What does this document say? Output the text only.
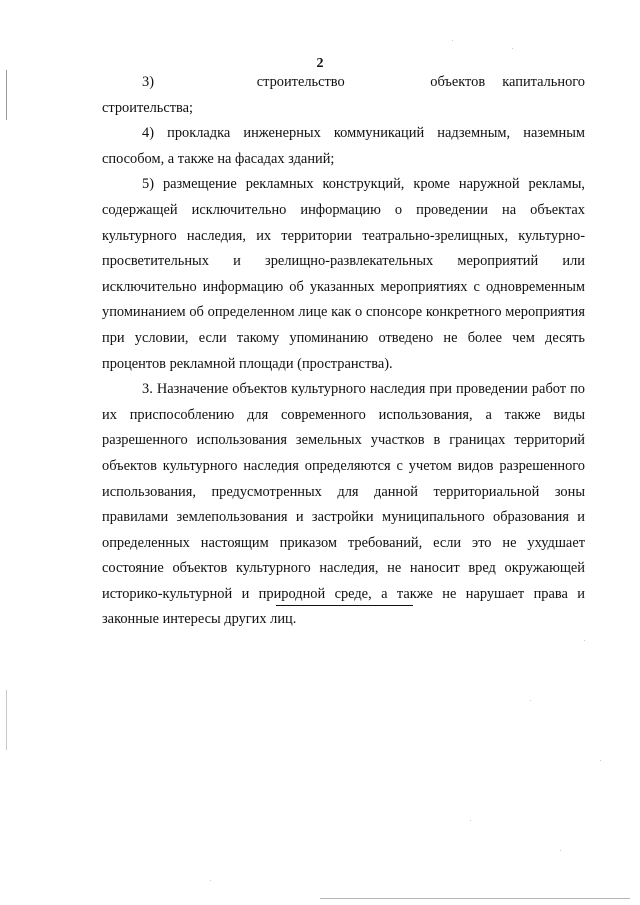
2

3)      строительство     объектов капитального строительства;

4) прокладка инженерных коммуникаций надземным, наземным способом, а также на фасадах зданий;

5) размещение рекламных конструкций, кроме наружной рекламы, содержащей исключительно информацию о проведении на объектах культурного наследия, их территории театрально-зрелищных, культурно-просветительных и зрелищно-развлекательных мероприятий или исключительно информацию об указанных мероприятиях с одновременным упоминанием об определенном лице как о спонсоре конкретного мероприятия при условии, если такому упоминанию отведено не более чем десять процентов рекламной площади (пространства).

3. Назначение объектов культурного наследия при проведении работ по их приспособлению для современного использования, а также виды разрешенного использования земельных участков в границах территорий объектов культурного наследия определяются с учетом видов разрешенного использования, предусмотренных для данной территориальной зоны правилами землепользования и застройки муниципального образования и определенных настоящим приказом требований, если это не ухудшает состояние объектов культурного наследия, не наносит вред окружающей историко-культурной и природной среде, а также не нарушает права и законные интересы других лиц.
